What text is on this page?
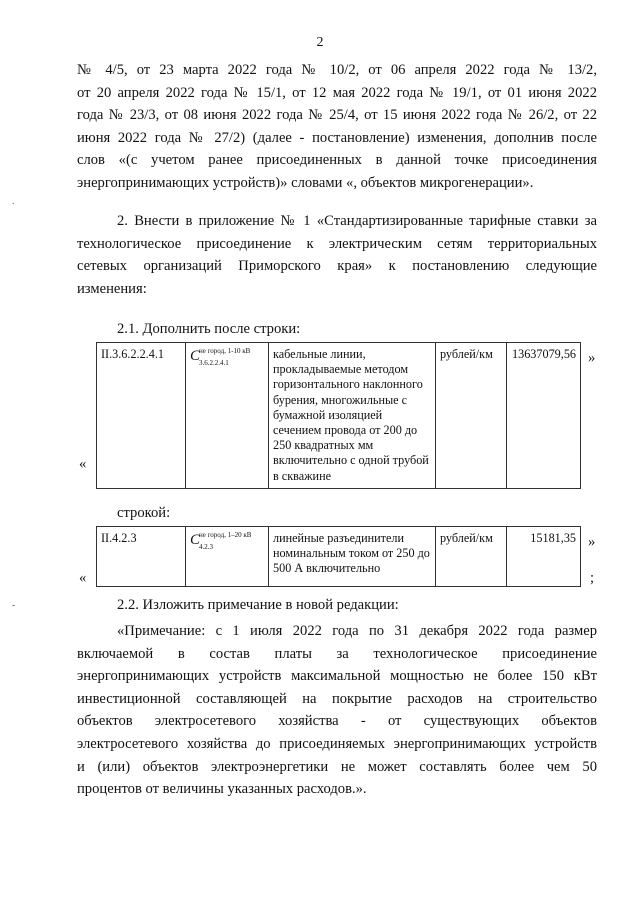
2
№ 4/5, от 23 марта 2022 года № 10/2, от 06 апреля 2022 года № 13/2,
от 20 апреля 2022 года № 15/1, от 12 мая 2022 года № 19/1, от 01 июня 2022
года № 23/3, от 08 июня 2022 года № 25/4, от 15 июня 2022 года № 26/2, от 22
июня 2022 года № 27/2) (далее - постановление) изменения, дополнив после
слов «(с учетом ранее присоединенных в данной точке присоединения
энергопринимающих устройств)» словами «, объектов микрогенерации».
2. Внести в приложение № 1 «Стандартизированные тарифные ставки за
технологическое присоединение к электрическим сетям территориальных
сетевых организаций Приморского края» к постановлению следующие
изменения:
2.1. Дополнить после строки:
«
II.3.6.2.2.4.1	C
не город, 1-10 кВ
3.6.2.2.4.1
	кабельные линии, прокладываемые методом горизонтального наклонного бурения, многожильные с бумажной изоляцией сечением провода от 200 до 250 квадратных мм включительно с одной трубой в скважине	рублей/км	13637079,56 »
строкой:
«
II.4.2.3	C
не город, 1–20 кВ
4.2.3
	линейные разъединители номинальным током от 250 до 500 А включительно	рублей/км	15181,35 »
;
2.2. Изложить примечание в новой редакции:
«Примечание: с 1 июля 2022 года по 31 декабря 2022 года размер
включаемой в состав платы за технологическое присоединение
энергопринимающих устройств максимальной мощностью не более 150 кВт
инвестиционной составляющей на покрытие расходов на строительство
объектов электросетевого хозяйства - от существующих объектов
электросетевого хозяйства до присоединяемых энергопринимающих устройств
и (или) объектов электроэнергетики не может составлять более чем 50
процентов от величины указанных расходов.».
.
-
